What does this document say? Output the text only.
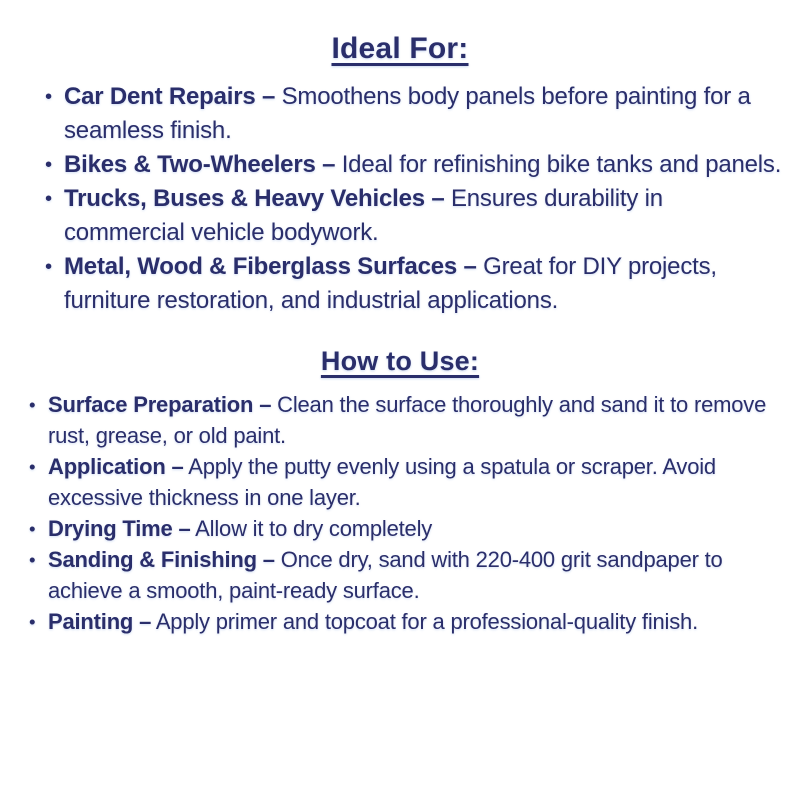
Ideal For:
• Car Dent Repairs – Smoothens body panels before painting for a seamless finish.
• Bikes & Two-Wheelers – Ideal for refinishing bike tanks and panels.
• Trucks, Buses & Heavy Vehicles – Ensures durability in commercial vehicle bodywork.
• Metal, Wood & Fiberglass Surfaces – Great for DIY projects, furniture restoration, and industrial applications.
How to Use:
• Surface Preparation – Clean the surface thoroughly and sand it to remove rust, grease, or old paint.
• Application – Apply the putty evenly using a spatula or scraper. Avoid excessive thickness in one layer.
• Drying Time – Allow it to dry completely
• Sanding & Finishing – Once dry, sand with 220-400 grit sandpaper to achieve a smooth, paint-ready surface.
• Painting – Apply primer and topcoat for a professional-quality finish.
